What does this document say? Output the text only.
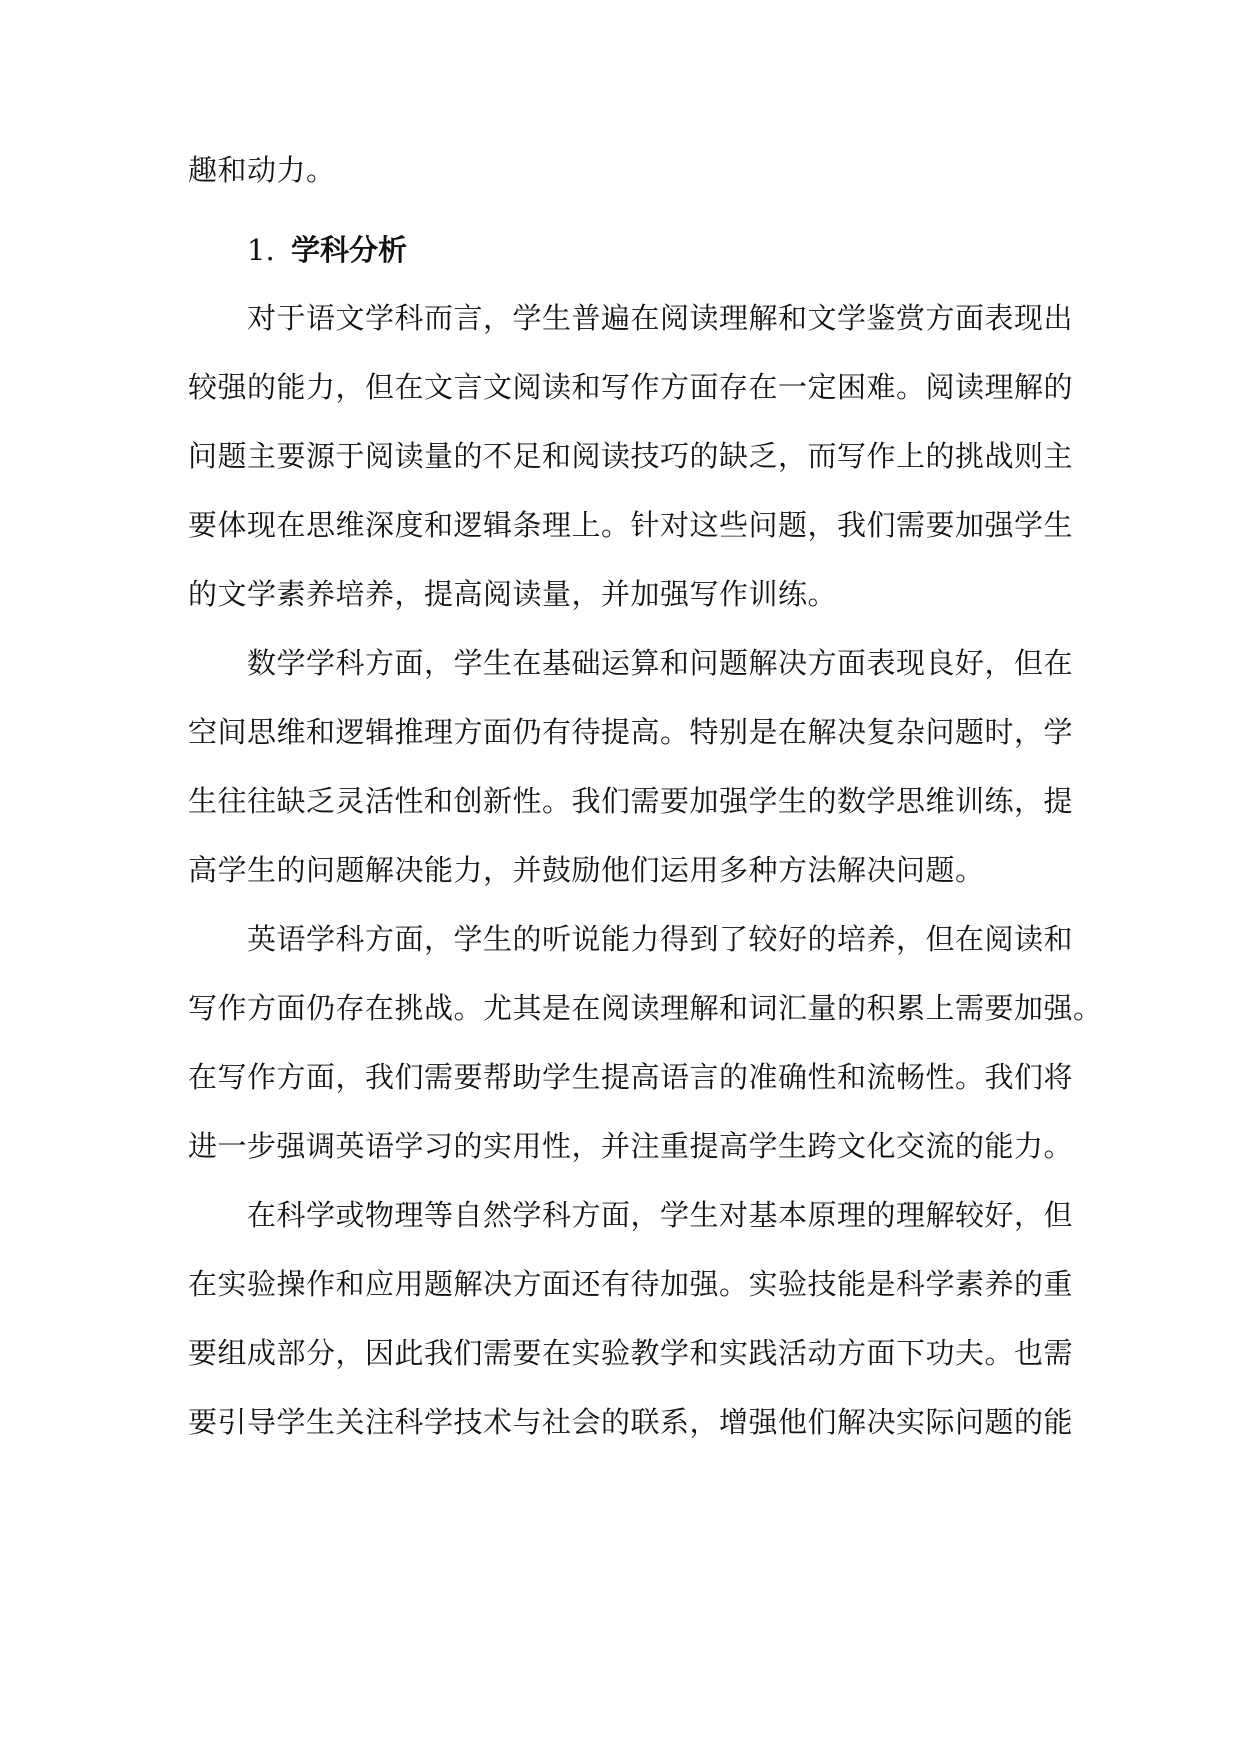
趣和动力。
1. 学科分析
对于语文学科而言，学生普遍在阅读理解和文学鉴赏方面表现出
较强的能力，但在文言文阅读和写作方面存在一定困难。阅读理解的
问题主要源于阅读量的不足和阅读技巧的缺乏，而写作上的挑战则主
要体现在思维深度和逻辑条理上。针对这些问题，我们需要加强学生
的文学素养培养，提高阅读量，并加强写作训练。
数学学科方面，学生在基础运算和问题解决方面表现良好，但在
空间思维和逻辑推理方面仍有待提高。特别是在解决复杂问题时，学
生往往缺乏灵活性和创新性。我们需要加强学生的数学思维训练，提
高学生的问题解决能力，并鼓励他们运用多种方法解决问题。
英语学科方面，学生的听说能力得到了较好的培养，但在阅读和
写作方面仍存在挑战。尤其是在阅读理解和词汇量的积累上需要加强。
在写作方面，我们需要帮助学生提高语言的准确性和流畅性。我们将
进一步强调英语学习的实用性，并注重提高学生跨文化交流的能力。
在科学或物理等自然学科方面，学生对基本原理的理解较好，但
在实验操作和应用题解决方面还有待加强。实验技能是科学素养的重
要组成部分，因此我们需要在实验教学和实践活动方面下功夫。也需
要引导学生关注科学技术与社会的联系，增强他们解决实际问题的能
